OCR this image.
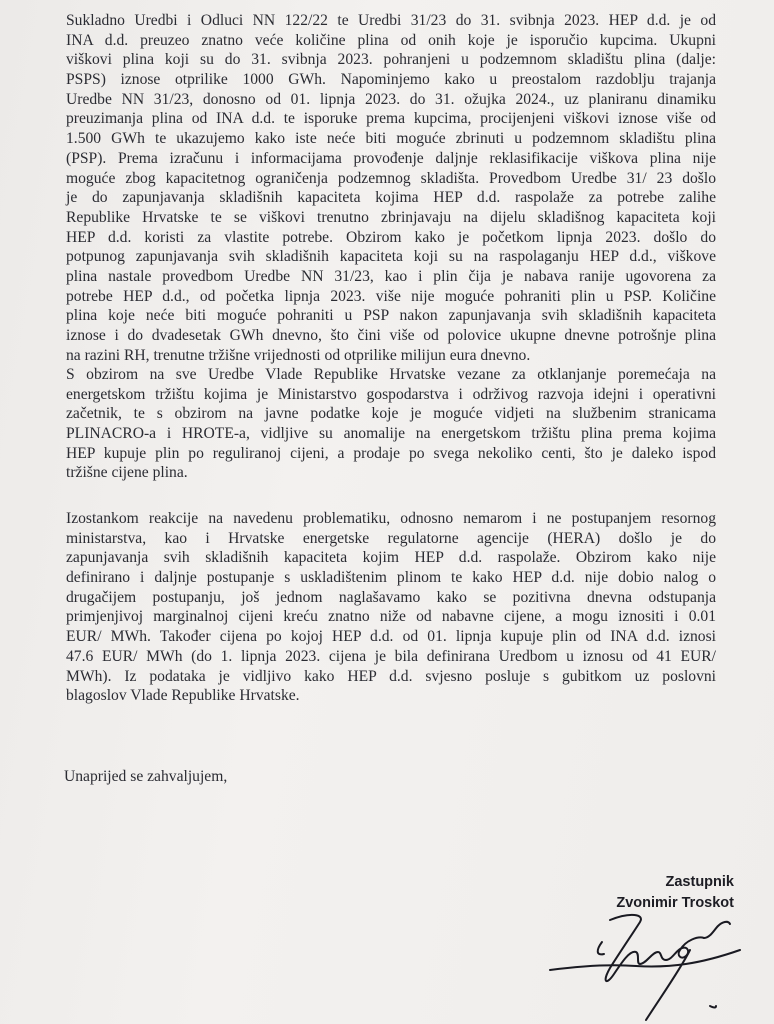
Sukladno Uredbi i Odluci NN 122/22 te Uredbi 31/23 do 31. svibnja 2023. HEP d.d. je od
INA d.d. preuzeo znatno veće količine plina od onih koje je isporučio kupcima. Ukupni
viškovi plina koji su do 31. svibnja 2023. pohranjeni u podzemnom skladištu plina (dalje:
PSPS) iznose otprilike 1000 GWh. Napominjemo kako u preostalom razdoblju trajanja
Uredbe NN 31/23, donosno od 01. lipnja 2023. do 31. ožujka 2024., uz planiranu dinamiku
preuzimanja plina od INA d.d. te isporuke prema kupcima, procijenjeni viškovi iznose više od
1.500 GWh te ukazujemo kako iste neće biti moguće zbrinuti u podzemnom skladištu plina
(PSP). Prema izračunu i informacijama provođenje daljnje reklasifikacije viškova plina nije
moguće zbog kapacitetnog ograničenja podzemnog skladišta. Provedbom Uredbe 31/ 23 došlo
je do zapunjavanja skladišnih kapaciteta kojima HEP d.d. raspolaže za potrebe zalihe
Republike Hrvatske te se viškovi trenutno zbrinjavaju na dijelu skladišnog kapaciteta koji
HEP d.d. koristi za vlastite potrebe. Obzirom kako je početkom lipnja 2023. došlo do
potpunog zapunjavanja svih skladišnih kapaciteta koji su na raspolaganju HEP d.d., viškove
plina nastale provedbom Uredbe NN 31/23, kao i plin čija je nabava ranije ugovorena za
potrebe HEP d.d., od početka lipnja 2023. više nije moguće pohraniti plin u PSP. Količine
plina koje neće biti moguće pohraniti u PSP nakon zapunjavanja svih skladišnih kapaciteta
iznose i do dvadesetak GWh dnevno, što čini više od polovice ukupne dnevne potrošnje plina
na razini RH, trenutne tržišne vrijednosti od otprilike milijun eura dnevno.
S obzirom na sve Uredbe Vlade Republike Hrvatske vezane za otklanjanje poremećaja na
energetskom tržištu kojima je Ministarstvo gospodarstva i održivog razvoja idejni i operativni
začetnik, te s obzirom na javne podatke koje je moguće vidjeti na službenim stranicama
PLINACRO-a i HROTE-a, vidljive su anomalije na energetskom tržištu plina prema kojima
HEP kupuje plin po reguliranoj cijeni, a prodaje po svega nekoliko centi, što je daleko ispod
tržišne cijene plina.
Izostankom reakcije na navedenu problematiku, odnosno nemarom i ne postupanjem resornog
ministarstva, kao i Hrvatske energetske regulatorne agencije (HERA) došlo je do
zapunjavanja svih skladišnih kapaciteta kojim HEP d.d. raspolaže. Obzirom kako nije
definirano i daljnje postupanje s uskladištenim plinom te kako HEP d.d. nije dobio nalog o
drugačijem postupanju, još jednom naglašavamo kako se pozitivna dnevna odstupanja
primjenjivoj marginalnoj cijeni kreću znatno niže od nabavne cijene, a mogu iznositi i 0.01
EUR/ MWh. Također cijena po kojoj HEP d.d. od 01. lipnja kupuje plin od INA d.d. iznosi
47.6 EUR/ MWh (do 1. lipnja 2023. cijena je bila definirana Uredbom u iznosu od 41 EUR/
MWh). Iz podataka je vidljivo kako HEP d.d. svjesno posluje s gubitkom uz poslovni
blagoslov Vlade Republike Hrvatske.
Unaprijed se zahvaljujem,
Zastupnik
Zvonimir Troskot
